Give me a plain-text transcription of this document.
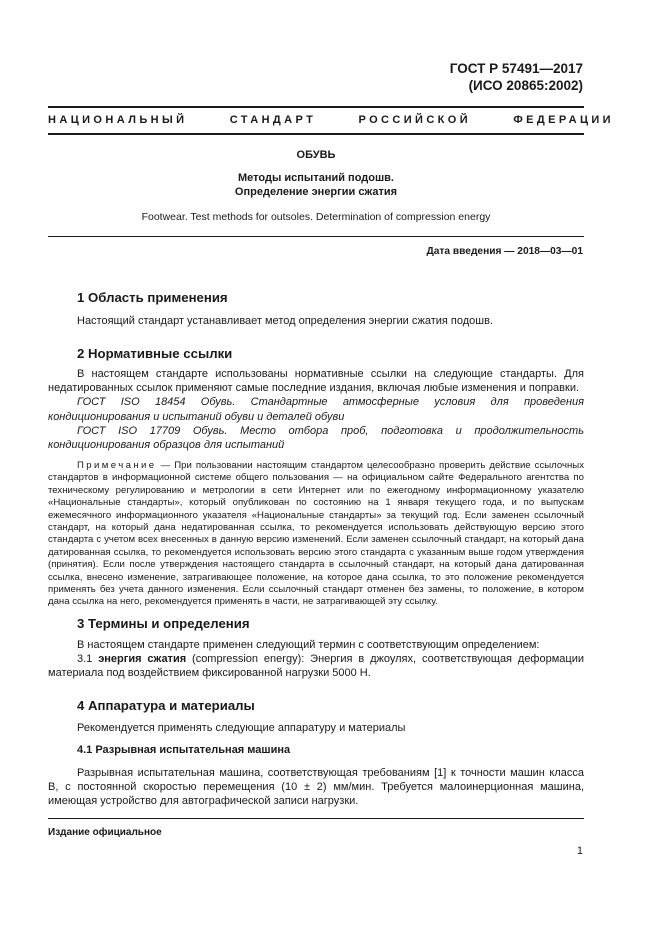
ГОСТ Р 57491—2017
(ИСО 20865:2002)
НАЦИОНАЛЬНЫЙ СТАНДАРТ РОССИЙСКОЙ ФЕДЕРАЦИИ
ОБУВЬ
Методы испытаний подошв.
Определение энергии сжатия
Footwear. Test methods for outsoles. Determination of compression energy
Дата введения — 2018—03—01
1 Область применения
Настоящий стандарт устанавливает метод определения энергии сжатия подошв.
2 Нормативные ссылки

В настоящем стандарте использованы нормативные ссылки на следующие стандарты. Для недатированных ссылок применяют самые последние издания, включая любые изменения и поправки.

ГОСТ ISO 18454 Обувь. Стандартные атмосферные условия для проведения кондиционирования и испытаний обуви и деталей обуви

ГОСТ ISO 17709 Обувь. Место отбора проб, подготовка и продолжительность кондиционирования образцов для испытаний

Примечание — При пользовании настоящим стандартом целесообразно проверить действие ссылочных стандартов в информационной системе общего пользования — на официальном сайте Федерального агентства по техническому регулированию и метрологии в сети Интернет или по ежегодному информационному указателю «Национальные стандарты», который опубликован по состоянию на 1 января текущего года, и по выпускам ежемесячного информационного указателя «Национальные стандарты» за текущий год. Если заменен ссылочный стандарт, на который дана недатированная ссылка, то рекомендуется использовать действующую версию этого стандарта с учетом всех внесенных в данную версию изменений. Если заменен ссылочный стандарт, на который дана датированная ссылка, то рекомендуется использовать версию этого стандарта с указанным выше годом утверждения (принятия). Если после утверждения настоящего стандарта в ссылочный стандарт, на который дана датированная ссылка, внесено изменение, затрагивающее положение, на которое дана ссылка, то это положение рекомендуется применять без учета данного изменения. Если ссылочный стандарт отменен без замены, то положение, в котором дана ссылка на него, рекомендуется применять в части, не затрагивающей эту ссылку.

3 Термины и определения

В настоящем стандарте применен следующий термин с соответствующим определением:

3.1 энергия сжатия (compression energy): Энергия в джоулях, соответствующая деформации материала под воздействием фиксированной нагрузки 5000 Н.

4 Аппаратура и материалы
Рекомендуется применять следующие аппаратуру и материалы
4.1 Разрывная испытательная машина

Разрывная испытательная машина, соответствующая требованиям [1] к точности машин класса В, с постоянной скоростью перемещения (10 ± 2) мм/мин. Требуется малоинерционная машина, имеющая устройство для автографической записи нагрузки.

Издание официальное
1
